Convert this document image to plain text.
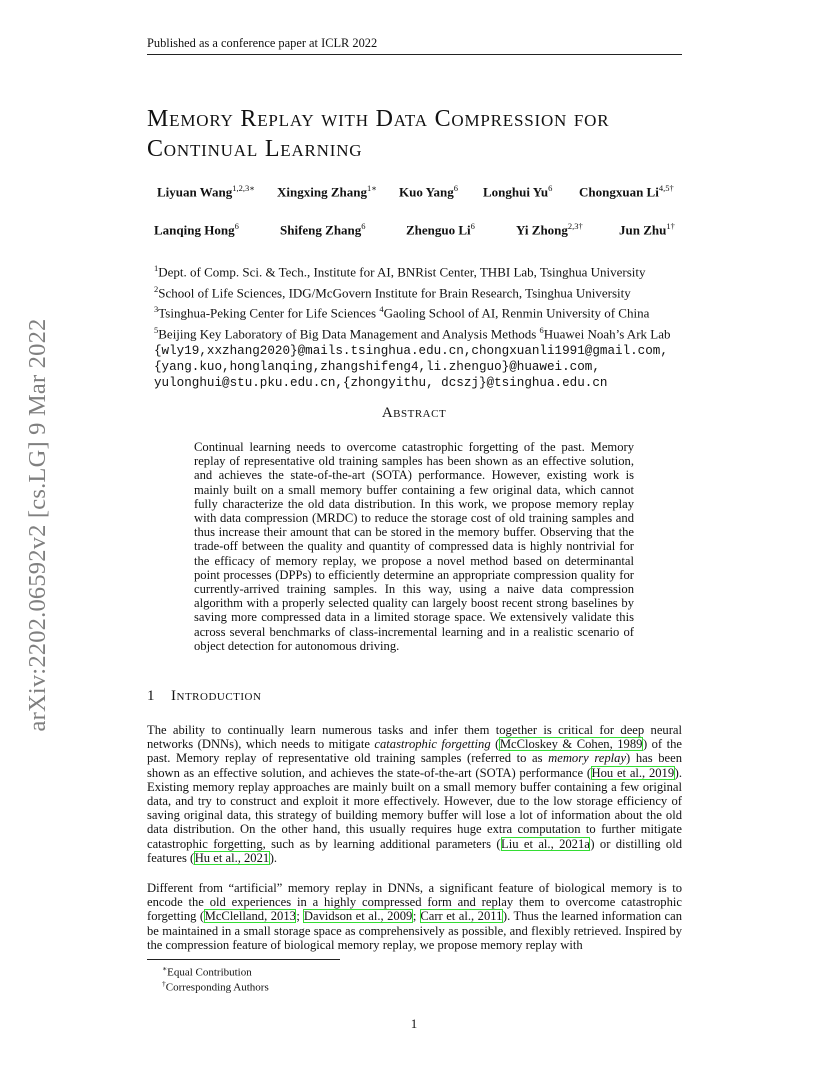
Published as a conference paper at ICLR 2022
arXiv:2202.06592v2 [cs.LG] 9 Mar 2022
Memory Replay with Data Compression for
Continual Learning
Liyuan Wang$^{1,2,3∗}$ Xingxing Zhang$^{1∗}$ Kuo Yang$^6$ Longhui Yu$^6$ Chongxuan $Li^{4,5\dagger}$
Lanqing Hong$^6$	Shifeng Zhang$^6$	Zhenguo Li$^6$	Yi Zhong$^{2,3\dagger}$	Jun Zhu$^{1\dagger}$
$^1$Dept. of Comp. Sci. & Tech., Institute for AI, BNRist Center, THBI Lab, Tsinghua University
$^2$School of Life Sciences, IDG/McGovern Institute for Brain Research, Tsinghua University
$^3$Tsinghua-Peking Center for Life Sciences $^4$Gaoling School of AI, Renmin University of China
$^5$Beijing Key Laboratory of Big Data Management and Analysis Methods $^6$Huawei Noah’s Ark Lab
{wly19,xxzhang2020}@mails.tsinghua.edu.cn,chongxuanli1991@gmail.com,
{yang.kuo,honglanqing,zhangshifeng4,li.zhenguo}@huawei.com,
yulonghui@stu.pku.edu.cn,{zhongyithu, dcszj}@tsinghua.edu.cn
Abstract
Continual learning needs to overcome catastrophic forgetting of the past. Memory replay of representative old training samples has been shown as an effective solution, and achieves the state-of-the-art (SOTA) performance. However, existing work is mainly built on a small memory buffer containing a few original data, which cannot fully characterize the old data distribution. In this work, we propose memory replay with data compression (MRDC) to reduce the storage cost of old training samples and thus increase their amount that can be stored in the memory buffer. Observing that the trade-off between the quality and quantity of compressed data is highly nontrivial for the efficacy of memory replay, we propose a novel method based on determinantal point processes (DPPs) to efficiently determine an appropriate compression quality for currently-arrived training samples. In this way, using a naive data compression algorithm with a properly selected quality can largely boost recent strong baselines by saving more compressed data in a limited storage space. We extensively validate this across several benchmarks of class-incremental learning and in a realistic scenario of object detection for autonomous driving.
1 Introduction
The ability to continually learn numerous tasks and infer them together is critical for deep neural networks (DNNs), which needs to mitigate catastrophic forgetting (McCloskey & Cohen, 1989) of the past. Memory replay of representative old training samples (referred to as memory replay) has been shown as an effective solution, and achieves the state-of-the-art (SOTA) performance (Hou et al., 2019). Existing memory replay approaches are mainly built on a small memory buffer containing a few original data, and try to construct and exploit it more effectively. However, due to the low storage efficiency of saving original data, this strategy of building memory buffer will lose a lot of information about the old data distribution. On the other hand, this usually requires huge extra computation to further mitigate catastrophic forgetting, such as by learning additional parameters (Liu et al., 2021a) or distilling old features (Hu et al., 2021).
Different from “artificial” memory replay in DNNs, a significant feature of biological memory is to encode the old experiences in a highly compressed form and replay them to overcome catastrophic forgetting (McClelland, 2013; Davidson et al., 2009; Carr et al., 2011). Thus the learned information can be maintained in a small storage space as comprehensively as possible, and flexibly retrieved. Inspired by the compression feature of biological memory replay, we propose memory replay with
∗Equal Contribution
†Corresponding Authors
1
